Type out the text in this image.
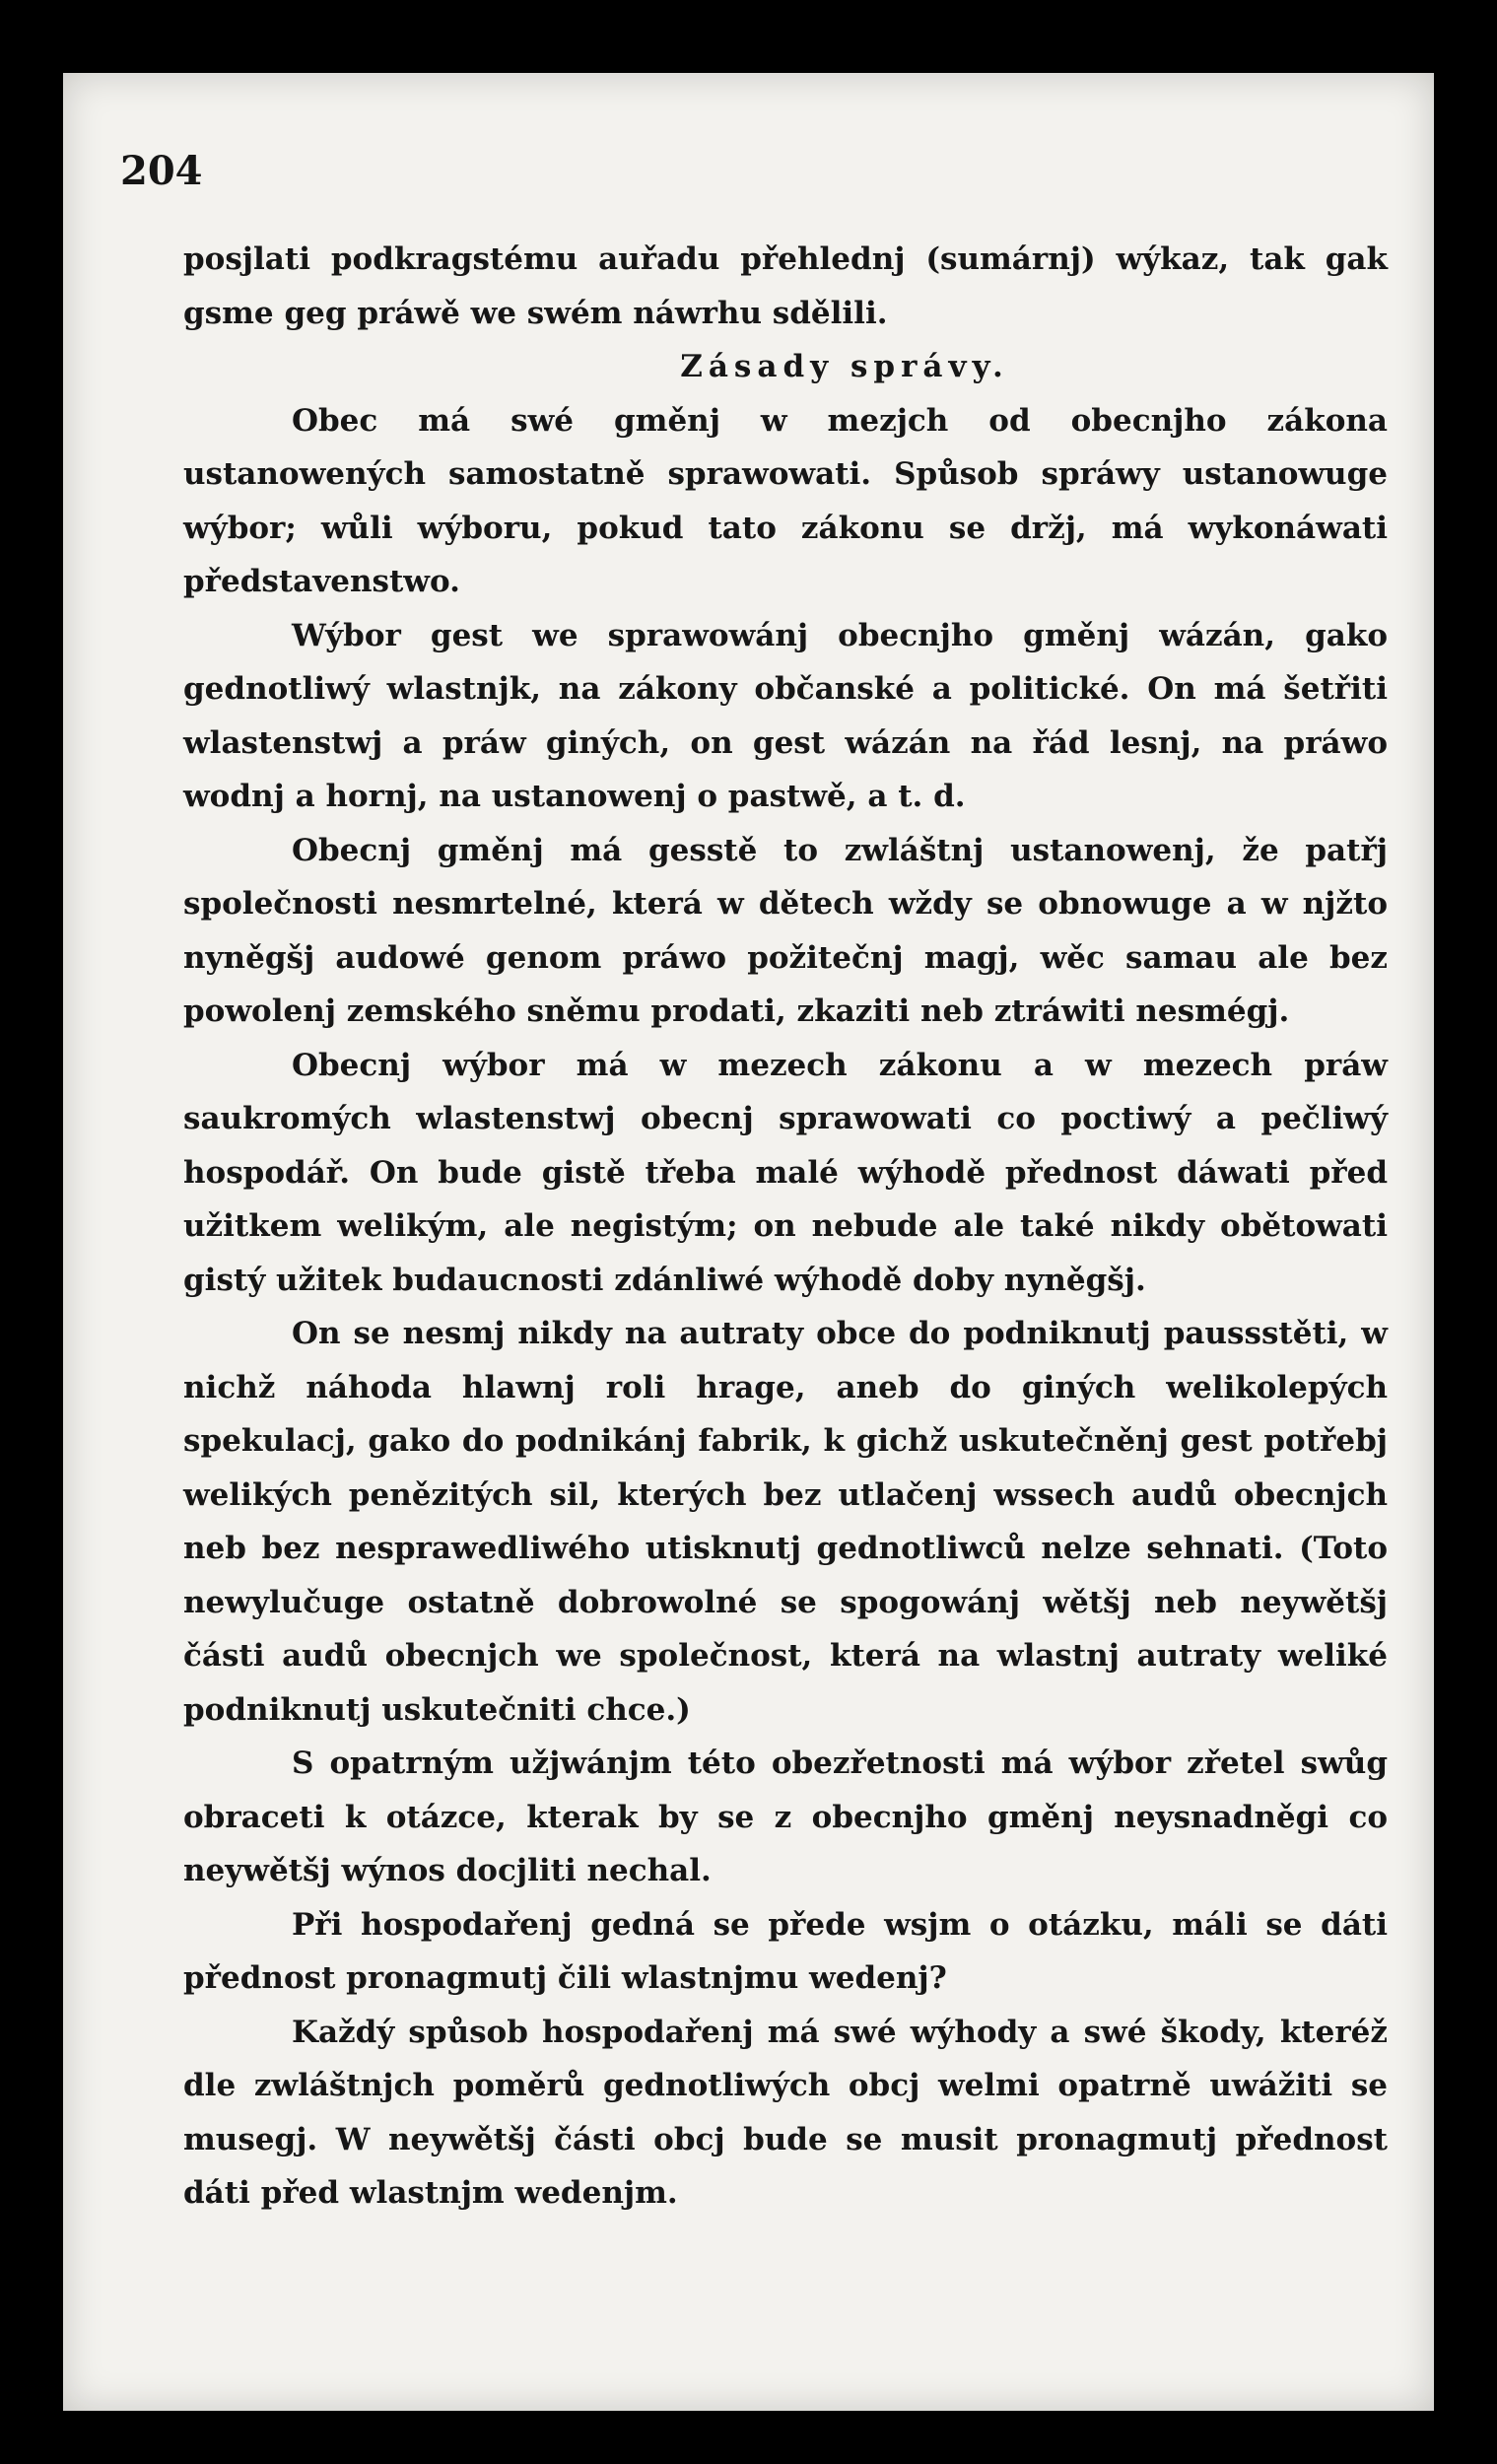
204

posjlati podkragstému auřadu přehlednj (sumárnj) wýkaz, tak gak gsme geg práwě we swém náwrhu sdělili.

Zásady správy.

Obec má swé gměnj w mezjch od obecnjho zákona ustanowených samostatně sprawowati. Spůsob spráwy ustanowuge wýbor; wůli wýboru, pokud tato zákonu se držj, má wykonáwati představenstwo.

Wýbor gest we sprawowánj obecnjho gměnj wázán, gako gednotliwý wlastnjk, na zákony občanské a politické. On má šetřiti wlastenstwj a práw giných, on gest wázán na řád lesnj, na práwo wodnj a hornj, na ustanowenj o pastwě, a t. d.

Obecnj gměnj má gesstě to zwláštnj ustanowenj, že patřj společnosti nesmrtelné, která w dětech wždy se obnowuge a w njžto nyněgšj audowé genom práwo požitečnj magj, wěc samau ale bez powolenj zemského sněmu prodati, zkaziti neb ztráwiti nesmégj.

Obecnj wýbor má w mezech zákonu a w mezech práw saukromých wlastenstwj obecnj sprawowati co poctiwý a pečliwý hospodář. On bude gistě třeba malé wýhodě přednost dáwati před užitkem welikým, ale negistým; on nebude ale také nikdy obětowati gistý užitek budaucnosti zdánliwé wýhodě doby nyněgšj.

On se nesmj nikdy na autraty obce do podniknutj paussstěti, w nichž náhoda hlawnj roli hrage, aneb do giných welikolepých spekulacj, gako do podnikánj fabrik, k gichž uskutečněnj gest potřebj welikých penězitých sil, kterých bez utlačenj wssech audů obecnjch neb bez nesprawedliwého utisknutj gednotliwců nelze sehnati. (Toto newylučuge ostatně dobrowolné se spogowánj wětšj neb neywětšj části audů obecnjch we společnost, která na wlastnj autraty weliké podniknutj uskutečniti chce.)

S opatrným užjwánjm této obezřetnosti má wýbor zřetel swůg obraceti k otázce, kterak by se z obecnjho gměnj neysnadněgi co neywětšj wýnos docjliti nechal.

Při hospodařenj gedná se přede wsjm o otázku, máli se dáti přednost pronagmutj čili wlastnjmu wedenj?

Každý spůsob hospodařenj má swé wýhody a swé škody, kteréž dle zwláštnjch poměrů gednotliwých obcj welmi opatrně uwážiti se musegj. W neywětšj části obcj bude se musit pronagmutj přednost dáti před wlastnjm wedenjm.
